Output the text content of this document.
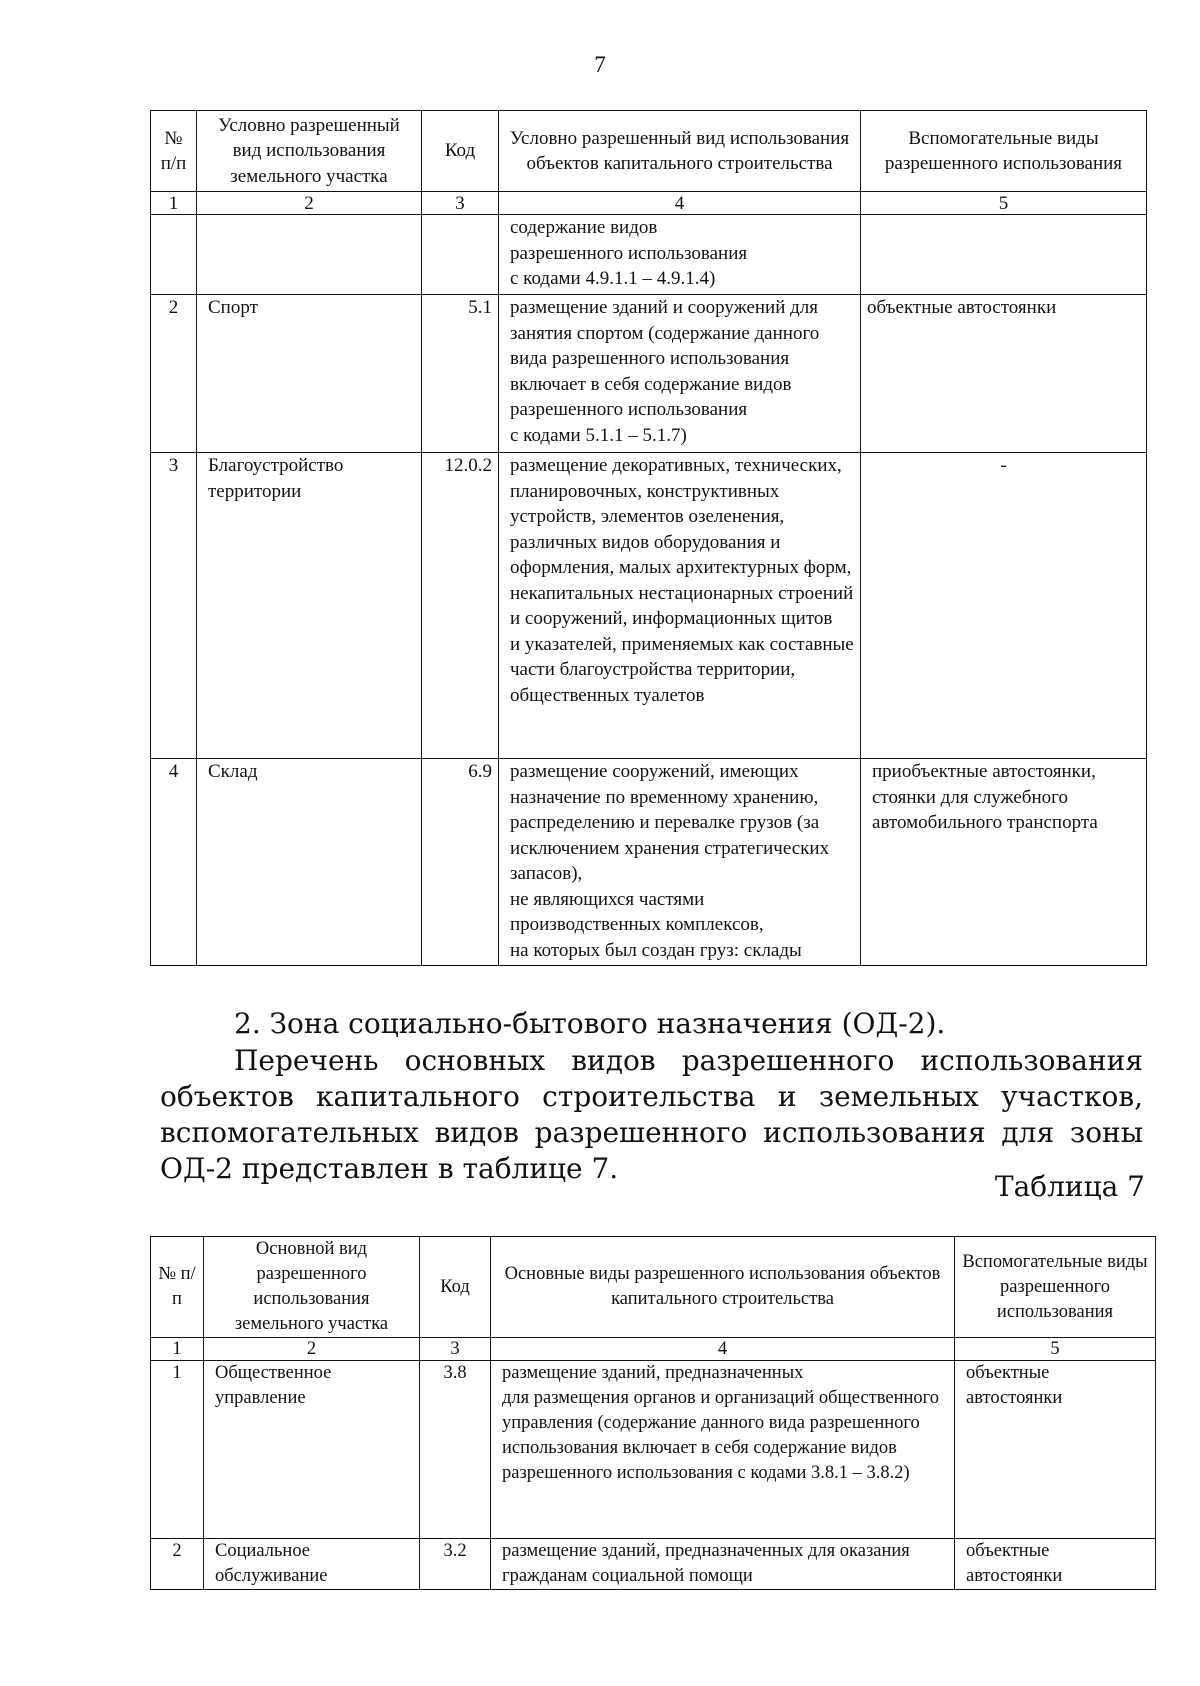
7
№ п/п	Условно разрешенный вид использования земельного участка	Код	Условно разрешенный вид использования объектов капитального строительства	Вспомогательные виды разрешенного использования
1	2	3	4	5
			содержание видов
разрешенного использования
с кодами 4.9.1.1 – 4.9.1.4)	
2	Спорт	5.1	размещение зданий и сооружений для занятия спортом (содержание данного вида разрешенного использования включает в себя содержание видов разрешенного использования
с кодами 5.1.1 – 5.1.7)	объектные автостоянки
3	Благоустройство территории	12.0.2	размещение декоративных, технических, планировочных, конструктивных устройств, элементов озеленения, различных видов оборудования и оформления, малых архитектурных форм, некапитальных нестационарных строений и сооружений, информационных щитов
и указателей, применяемых как составные части благоустройства территории, общественных туалетов	-
4	Склад	6.9	размещение сооружений, имеющих назначение по временному хранению, распределению и перевалке грузов (за исключением хранения стратегических запасов),
не являющихся частями производственных комплексов,
на которых был создан груз: склады	приобъектные автостоянки, стоянки для служебного автомобильного транспорта
2. Зона социально-бытового назначения (ОД-2).
Перечень основных видов разрешенного использования объектов капитального строительства и земельных участков, вспомогательных видов разрешенного использования для зоны ОД-2 представлен в таблице 7.
Таблица 7
№ п/п	Основной вид разрешенного использования земельного участка	Код	Основные виды разрешенного использования объектов капитального строительства	Вспомогательные виды разрешенного использования
1	2	3	4	5
1	Общественное управление	3.8	размещение зданий, предназначенных
для размещения органов и организаций общественного управления (содержание данного вида разрешенного использования включает в себя содержание видов разрешенного использования с кодами 3.8.1 – 3.8.2)	объектные автостоянки
2	Социальное обслуживание	3.2	размещение зданий, предназначенных для оказания гражданам социальной помощи	объектные автостоянки
